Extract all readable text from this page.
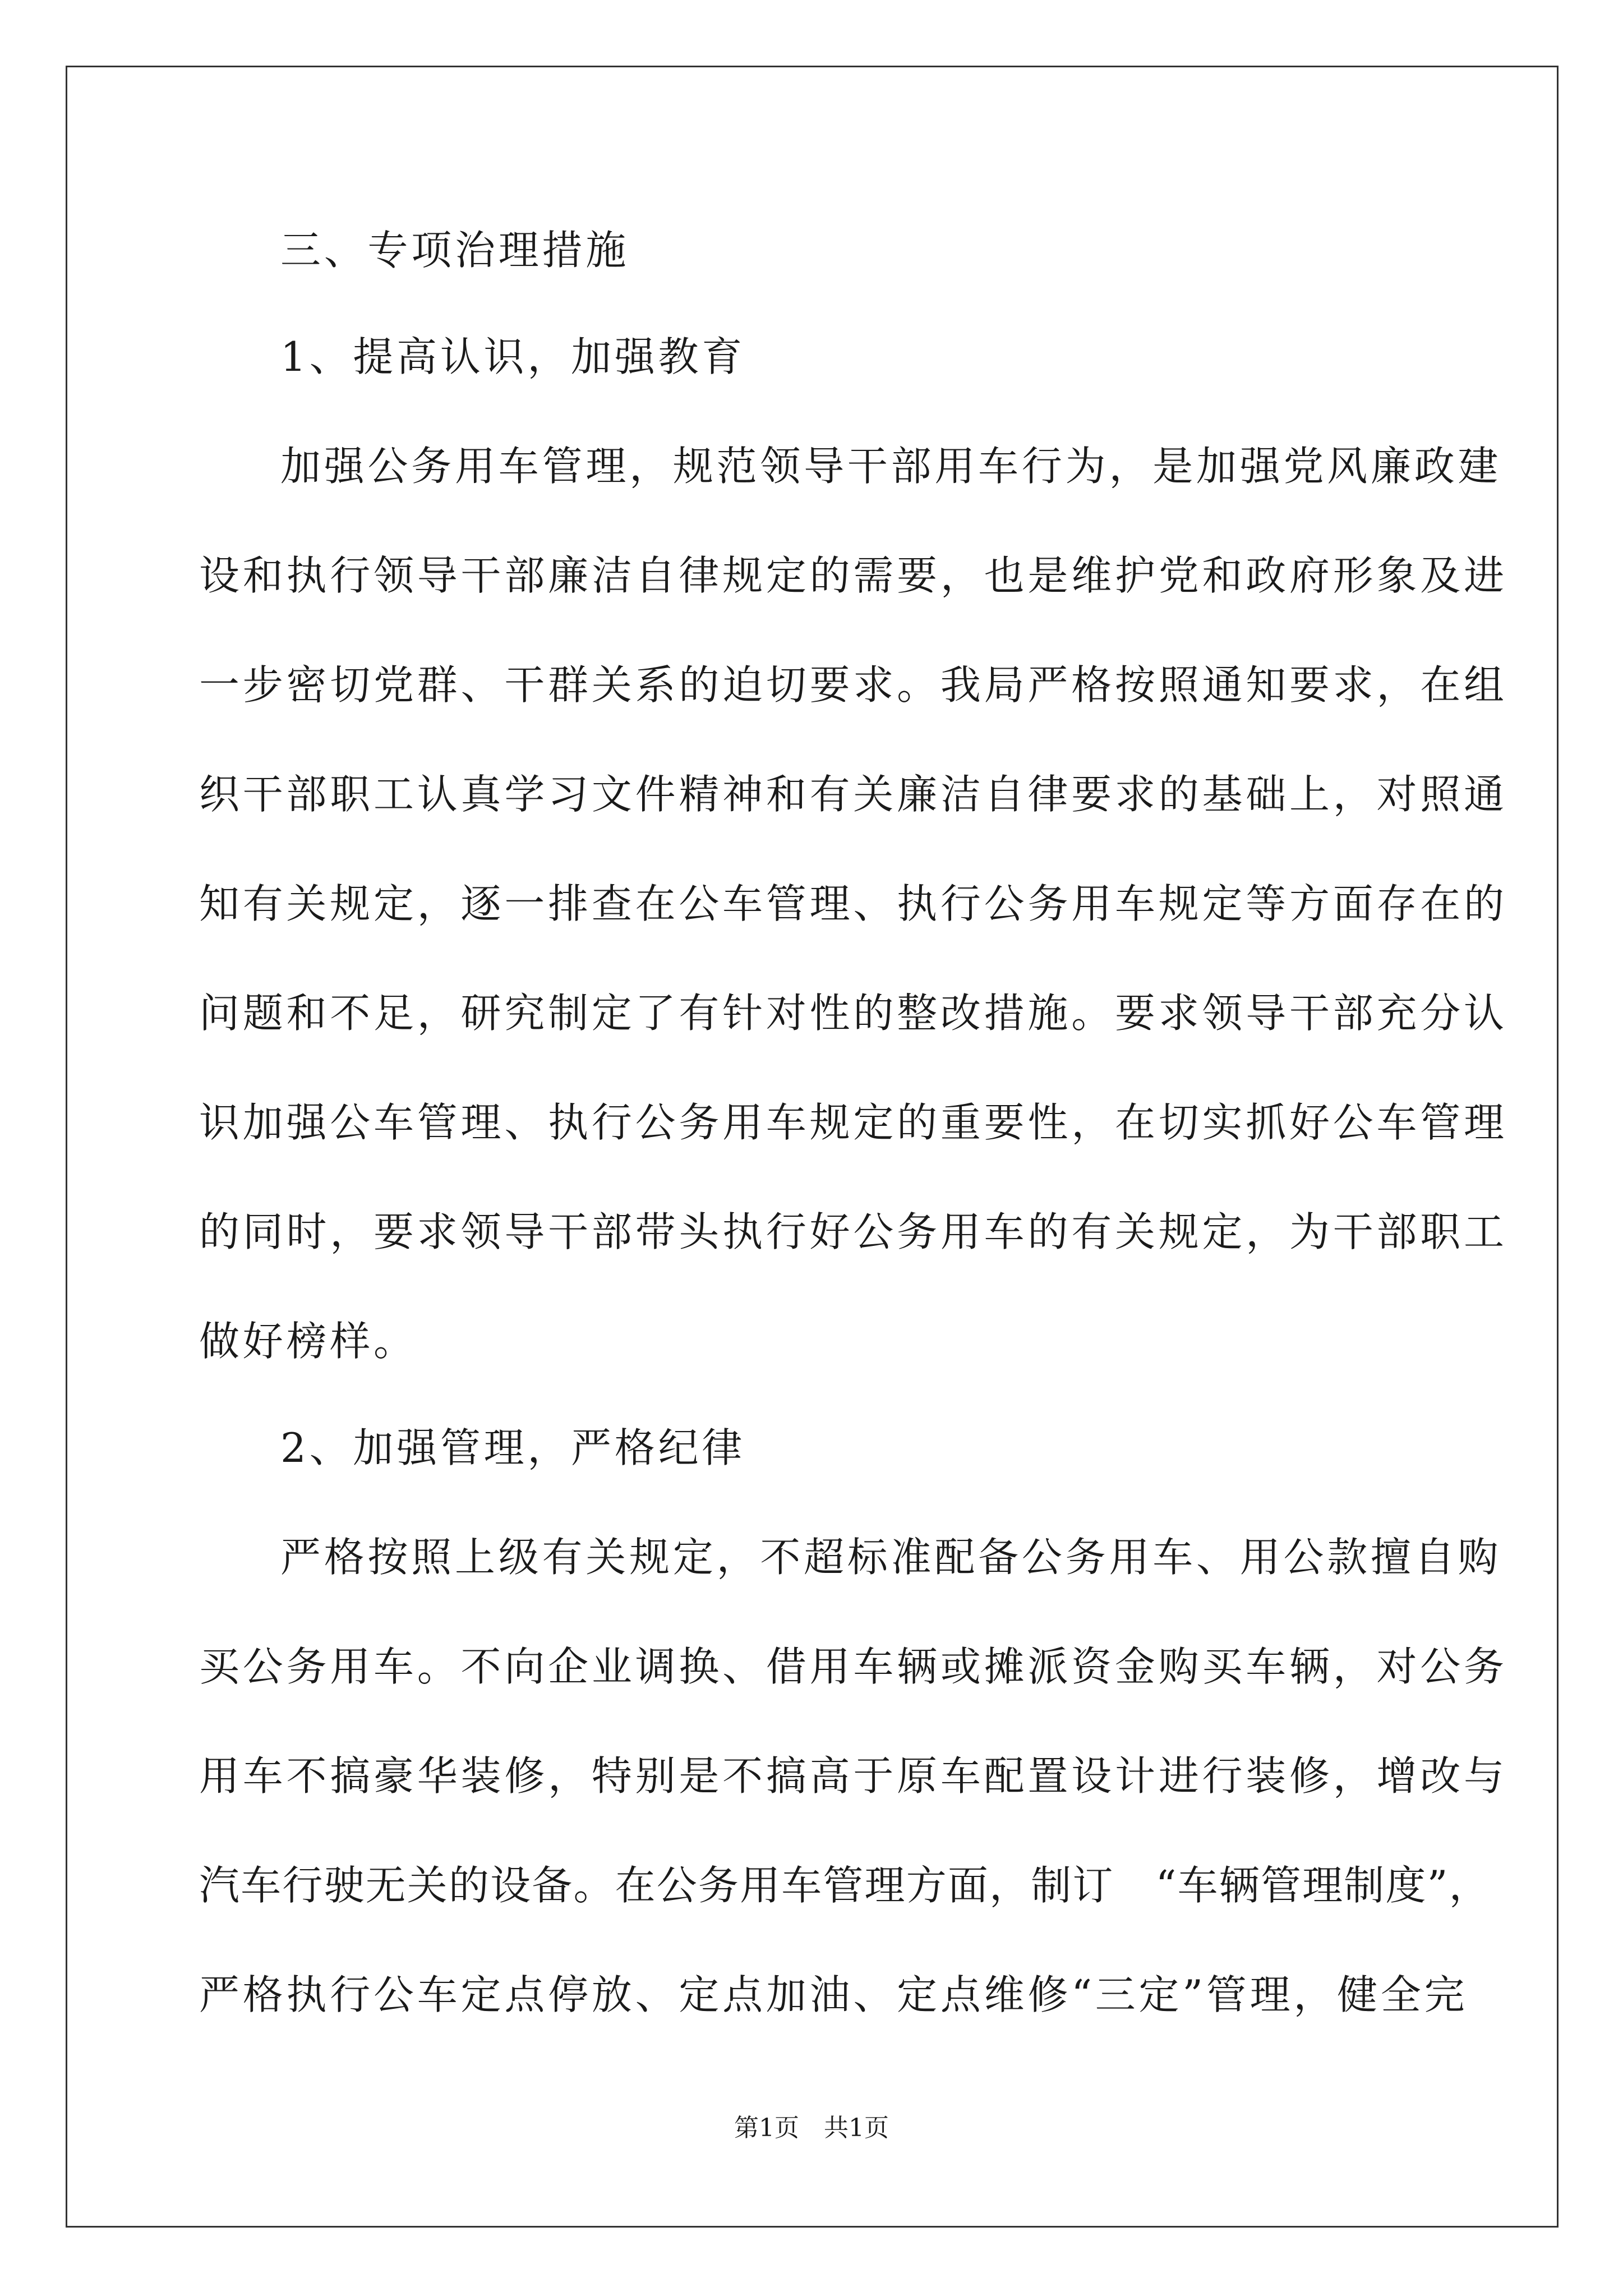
三、专项治理措施
1、提高认识，加强教育
加强公务用车管理，规范领导干部用车行为，是加强党风廉政建
设和执行领导干部廉洁自律规定的需要，也是维护党和政府形象及进
一步密切党群、干群关系的迫切要求。我局严格按照通知要求，在组
织干部职工认真学习文件精神和有关廉洁自律要求的基础上，对照通
知有关规定，逐一排查在公车管理、执行公务用车规定等方面存在的
问题和不足，研究制定了有针对性的整改措施。要求领导干部充分认
识加强公车管理、执行公务用车规定的重要性，在切实抓好公车管理
的同时，要求领导干部带头执行好公务用车的有关规定，为干部职工
做好榜样。
2、加强管理，严格纪律
严格按照上级有关规定，不超标准配备公务用车、用公款擅自购
买公务用车。不向企业调换、借用车辆或摊派资金购买车辆，对公务
用车不搞豪华装修，特别是不搞高于原车配置设计进行装修，增改与
汽车行驶无关的设备。在公务用车管理方面，制订　“车辆管理制度”，
严格执行公车定点停放、定点加油、定点维修“三定”管理，健全完
第1页　共1页
